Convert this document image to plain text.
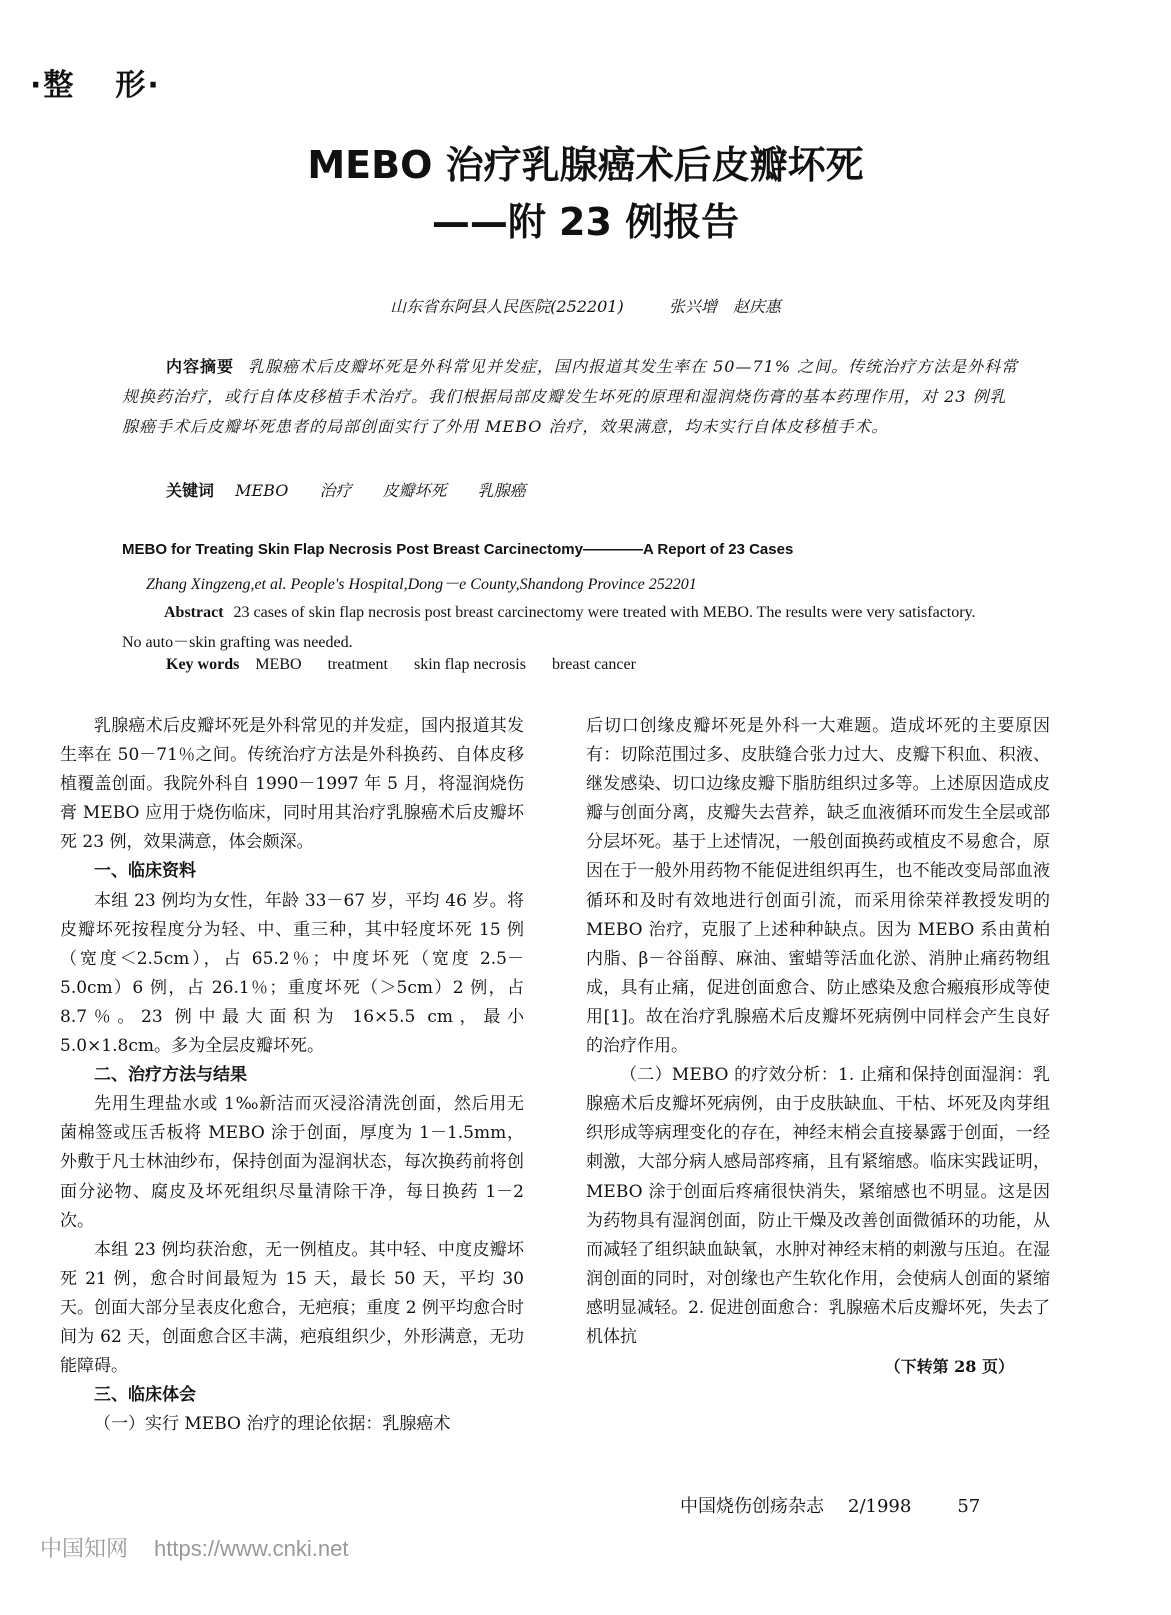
·整 形·
MEBO 治疗乳腺癌术后皮瓣坏死
——附 23 例报告
山东省东阿县人民医院(252201)	张兴增　赵庆惠
内容摘要 乳腺癌术后皮瓣坏死是外科常见并发症，国内报道其发生率在 50—71% 之间。传统治疗方法是外科常规换药治疗，或行自体皮移植手术治疗。我们根据局部皮瓣发生坏死的原理和湿润烧伤膏的基本药理作用，对 23 例乳腺癌手术后皮瓣坏死患者的局部创面实行了外用 MEBO 治疗，效果满意，均未实行自体皮移植手术。
关键词 MEBO 治疗 皮瓣坏死 乳腺癌
MEBO for Treating Skin Flap Necrosis Post Breast Carcinectomy————A Report of 23 Cases
Zhang Xingzeng,et al. People's Hospital,Dong－e County,Shandong Province 252201
Abstract 23 cases of skin flap necrosis post breast carcinectomy were treated with MEBO. The results were very satisfactory. No auto－skin grafting was needed.
Key words MEBO treatment skin flap necrosis breast cancer

乳腺癌术后皮瓣坏死是外科常见的并发症，国内报道其发生率在 50－71％之间。传统治疗方法是外科换药、自体皮移植覆盖创面。我院外科自 1990－1997 年 5 月，将湿润烧伤膏 MEBO 应用于烧伤临床，同时用其治疗乳腺癌术后皮瓣坏死 23 例，效果满意，体会颇深。

一、临床资料

本组 23 例均为女性，年龄 33－67 岁，平均 46 岁。将皮瓣坏死按程度分为轻、中、重三种，其中轻度坏死 15 例（宽度＜2.5cm），占 65.2％；中度坏死（宽度 2.5－5.0cm）6 例，占 26.1％；重度坏死（＞5cm）2 例，占 8.7％。23 例中最大面积为 16×5.5 cm，最小 5.0×1.8cm。多为全层皮瓣坏死。

二、治疗方法与结果

先用生理盐水或 1‰新洁而灭浸浴清洗创面，然后用无菌棉签或压舌板将 MEBO 涂于创面，厚度为 1－1.5mm，外敷于凡士林油纱布，保持创面为湿润状态，每次换药前将创面分泌物、腐皮及坏死组织尽量清除干净，每日换药 1－2 次。

本组 23 例均获治愈，无一例植皮。其中轻、中度皮瓣坏死 21 例，愈合时间最短为 15 天，最长 50 天，平均 30 天。创面大部分呈表皮化愈合，无疤痕；重度 2 例平均愈合时间为 62 天，创面愈合区丰满，疤痕组织少，外形满意，无功能障碍。

三、临床体会

（一）实行 MEBO 治疗的理论依据：乳腺癌术

后切口创缘皮瓣坏死是外科一大难题。造成坏死的主要原因有：切除范围过多、皮肤缝合张力过大、皮瓣下积血、积液、继发感染、切口边缘皮瓣下脂肪组织过多等。上述原因造成皮瓣与创面分离，皮瓣失去营养，缺乏血液循环而发生全层或部分层坏死。基于上述情况，一般创面换药或植皮不易愈合，原因在于一般外用药物不能促进组织再生，也不能改变局部血液循环和及时有效地进行创面引流，而采用徐荣祥教授发明的 MEBO 治疗，克服了上述种种缺点。因为 MEBO 系由黄柏内脂、β－谷甾醇、麻油、蜜蜡等活血化淤、消肿止痛药物组成，具有止痛，促进创面愈合、防止感染及愈合瘢痕形成等使用[1]。故在治疗乳腺癌术后皮瓣坏死病例中同样会产生良好的治疗作用。

（二）MEBO 的疗效分析：1. 止痛和保持创面湿润：乳腺癌术后皮瓣坏死病例，由于皮肤缺血、干枯、坏死及肉芽组织形成等病理变化的存在，神经末梢会直接暴露于创面，一经刺激，大部分病人感局部疼痛，且有紧缩感。临床实践证明，MEBO 涂于创面后疼痛很快消失，紧缩感也不明显。这是因为药物具有湿润创面，防止干燥及改善创面微循环的功能，从而减轻了组织缺血缺氧，水肿对神经末梢的刺激与压迫。在湿润创面的同时，对创缘也产生软化作用，会使病人创面的紧缩感明显减轻。2. 促进创面愈合：乳腺癌术后皮瓣坏死，失去了机体抗

（下转第 28 页）
中国烧伤创疡杂志 2/1998	57
中国知网 https://www.cnki.net
